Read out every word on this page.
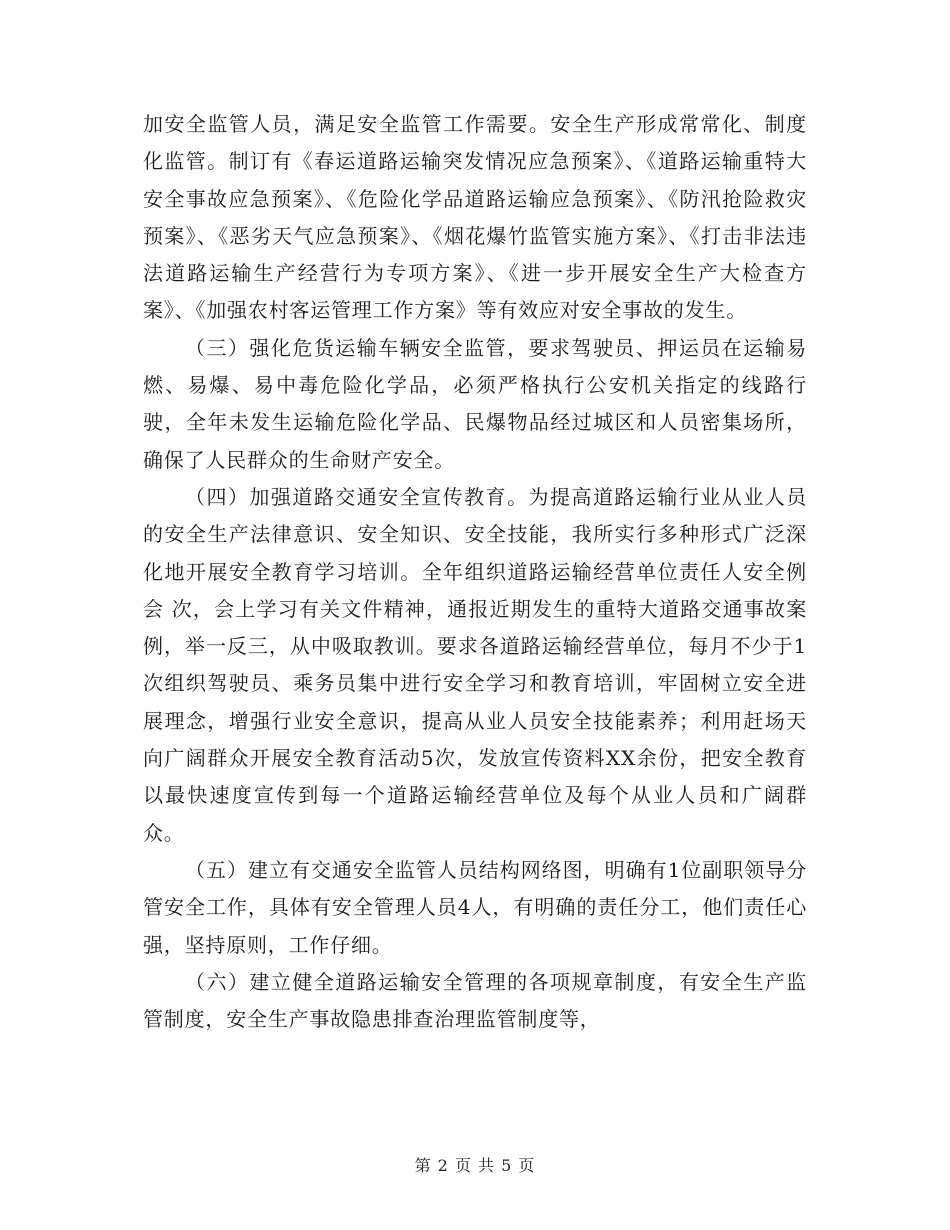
加安全监管人员，满足安全监管工作需要。安全生产形成常常化、制度化监管。制订有《春运道路运输突发情况应急预案》、《道路运输重特大安全事故应急预案》、《危险化学品道路运输应急预案》、《防汛抢险救灾预案》、《恶劣天气应急预案》、《烟花爆竹监管实施方案》、《打击非法违法道路运输生产经营行为专项方案》、《进一步开展安全生产大检查方案》、《加强农村客运管理工作方案》等有效应对安全事故的发生。

（三）强化危货运输车辆安全监管，要求驾驶员、押运员在运输易燃、易爆、易中毒危险化学品，必须严格执行公安机关指定的线路行驶，全年未发生运输危险化学品、民爆物品经过城区和人员密集场所，确保了人民群众的生命财产安全。

（四）加强道路交通安全宣传教育。为提高道路运输行业从业人员的安全生产法律意识、安全知识、安全技能，我所实行多种形式广泛深化地开展安全教育学习培训。全年组织道路运输经营单位责任人安全例会 次，会上学习有关文件精神，通报近期发生的重特大道路交通事故案例，举一反三，从中吸取教训。要求各道路运输经营单位，每月不少于1次组织驾驶员、乘务员集中进行安全学习和教育培训，牢固树立安全进展理念，增强行业安全意识，提高从业人员安全技能素养；利用赶场天向广阔群众开展安全教育活动5次，发放宣传资料XX余份，把安全教育以最快速度宣传到每一个道路运输经营单位及每个从业人员和广阔群众。

（五）建立有交通安全监管人员结构网络图，明确有1位副职领导分管安全工作，具体有安全管理人员4人，有明确的责任分工，他们责任心强，坚持原则，工作仔细。

（六）建立健全道路运输安全管理的各项规章制度，有安全生产监管制度，安全生产事故隐患排查治理监管制度等，

第 2 页 共 5 页
